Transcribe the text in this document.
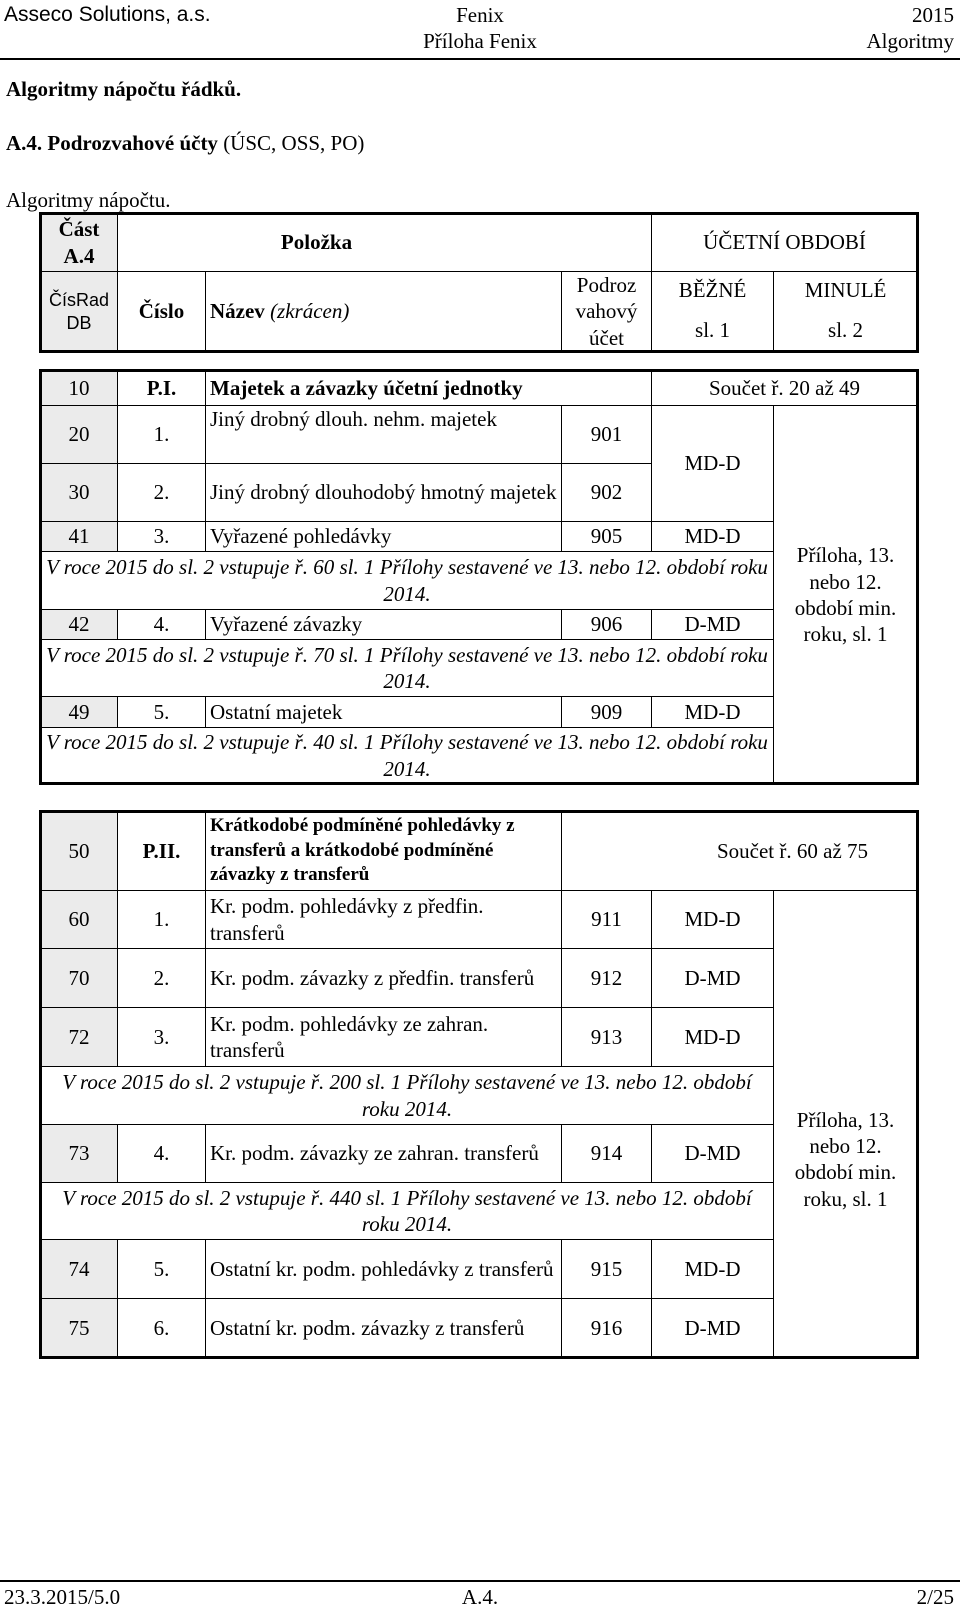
Asseco Solutions, a.s.	Fenix
Příloha Fenix
2015
Algoritmy
Algoritmy nápočtu řádků.
A.4. Podrozvahové účty (ÚSC, OSS, PO)
Algoritmy nápočtu.
Část A.4	Položka			ÚČETNÍ OBDOBÍ	
ČísRad DB	Číslo	Název (zkrácen)	Podroz vahový účet	BĚŽNÉ	MINULÉ
				sl. 1	sl. 2
10	P.I.	Majetek a závazky účetní jednotky		Součet ř. 20 až 49	
20	1.	Jiný drobný dlouh. nehm. majetek	901	MD-D	Příloha, 13. nebo 12. období min. roku, sl. 1
30	2.	Jiný drobný dlouhodobý hmotný majetek	902		
41	3.	Vyřazené pohledávky	905	MD-D	
V roce 2015 do sl. 2 vstupuje ř. 60 sl. 1 Přílohy sestavené ve 13. nebo 12. období roku 2014.					
42	4.	Vyřazené závazky	906	D-MD	
V roce 2015 do sl. 2 vstupuje ř. 70 sl. 1 Přílohy sestavené ve 13. nebo 12. období roku 2014.					
49	5.	Ostatní majetek	909	MD-D	
V roce 2015 do sl. 2 vstupuje ř. 40 sl. 1 Přílohy sestavené ve 13. nebo 12. období roku 2014.					
50	P.II.	Krátkodobé podmíněné pohledávky z transferů a krátkodobé podmíněné závazky z transferů	Součet ř. 60 až 75		
60	1.	Kr. podm. pohledávky z předfin. transferů	911	MD-D	Příloha, 13. nebo 12. období min. roku, sl. 1
70	2.	Kr. podm. závazky z předfin. transferů	912	D-MD	
72	3.	Kr. podm. pohledávky ze zahran. transferů	913	MD-D	
V roce 2015 do sl. 2 vstupuje ř. 200 sl. 1 Přílohy sestavené ve 13. nebo 12. období roku 2014.					
73	4.	Kr. podm. závazky ze zahran. transferů	914	D-MD	
V roce 2015 do sl. 2 vstupuje ř. 440 sl. 1 Přílohy sestavené ve 13. nebo 12. období roku 2014.					
74	5.	Ostatní kr. podm. pohledávky z transferů	915	MD-D	
75	6.	Ostatní kr. podm. závazky z transferů	916	D-MD	
23.3.2015/5.0	A.4.	2/25
